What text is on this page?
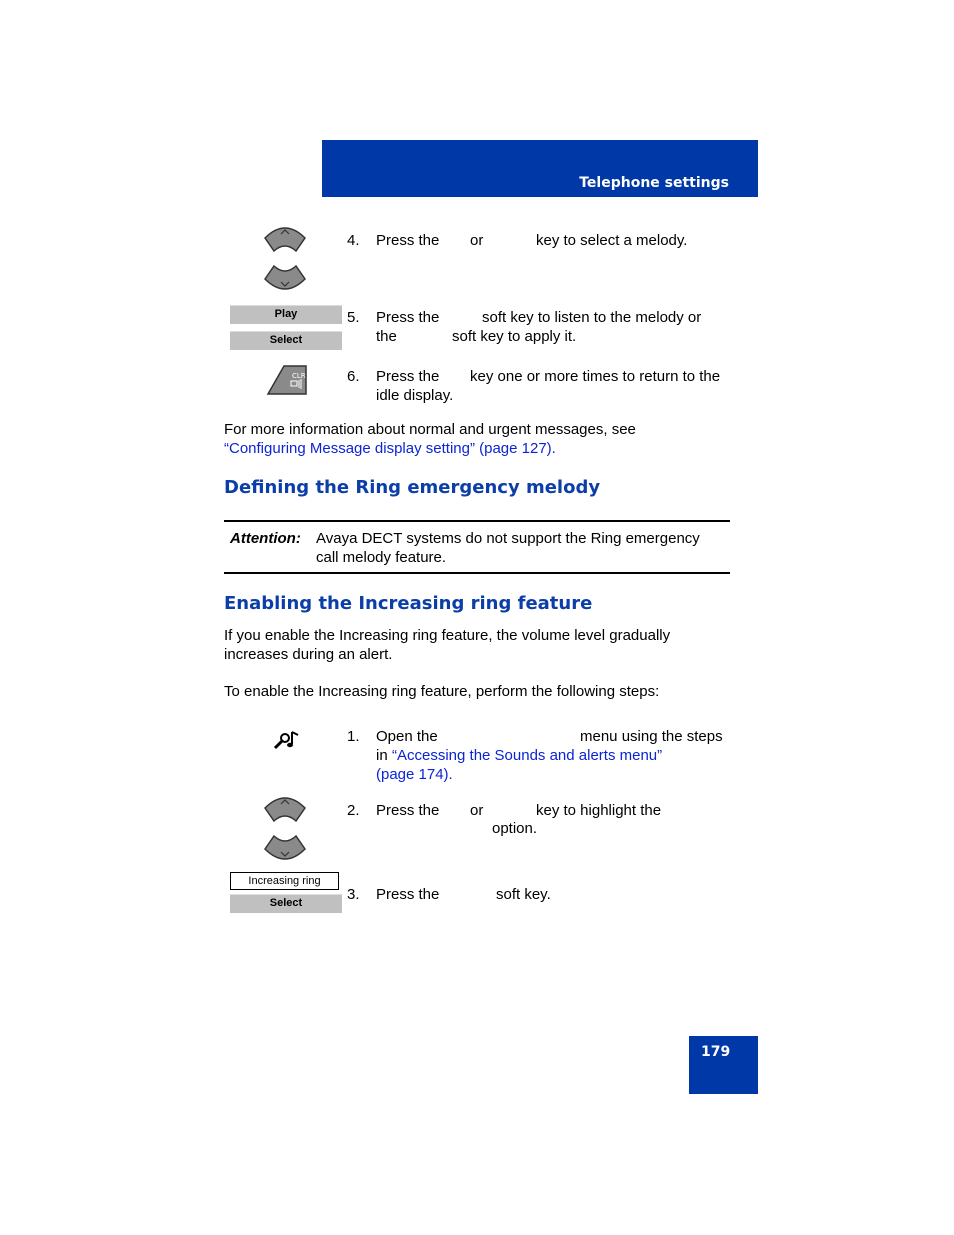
Telephone settings
4. Press the or	key to select a melody.
Play
Select
5. Press the	soft key to listen to the melody or
the	soft key to apply it.
CLR	6. Press the key one or more times to return to the
idle display.
For more information about normal and urgent messages, see
“Configuring Message display setting” (page 127).
Defining the Ring emergency melody
Attention: Avaya DECT systems do not support the Ring emergency
call melody feature.
Enabling the Increasing ring feature
If you enable the Increasing ring feature, the volume level gradually
increases during an alert.
To enable the Increasing ring feature, perform the following steps:
1. Open the	menu using the steps
in “Accessing the Sounds and alerts menu”
(page 174).
2. Press the or	key to highlight the
option.
Increasing ring
Select	3. Press the	soft key.
179
